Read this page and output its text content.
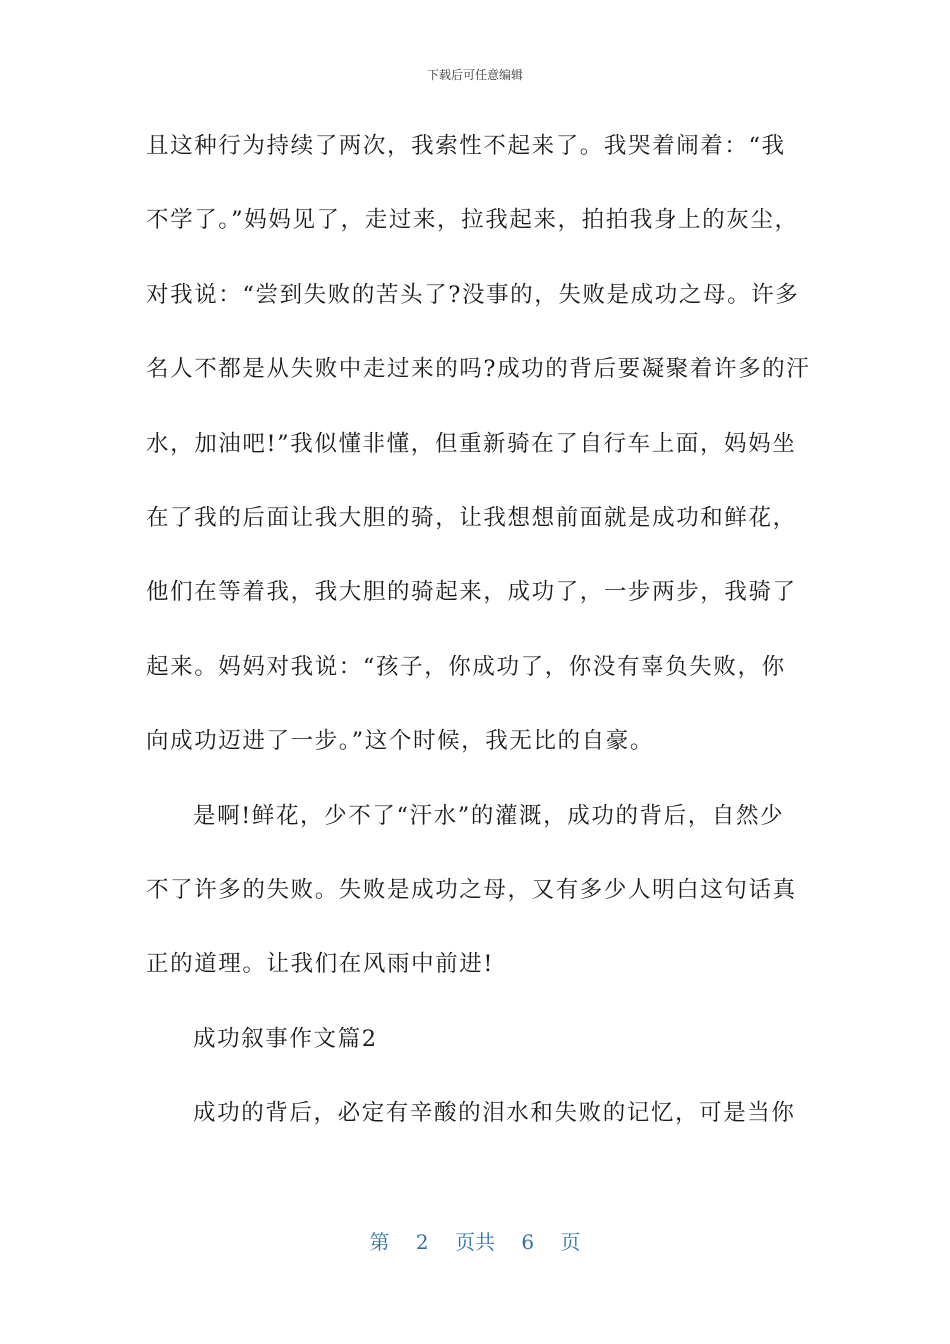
下载后可任意编辑
且这种行为持续了两次，我索性不起来了。我哭着闹着：“我
不学了。”妈妈见了，走过来，拉我起来，拍拍我身上的灰尘，
对我说：“尝到失败的苦头了?没事的，失败是成功之母。许多
名人不都是从失败中走过来的吗?成功的背后要凝聚着许多的汗
水，加油吧!”我似懂非懂，但重新骑在了自行车上面，妈妈坐
在了我的后面让我大胆的骑，让我想想前面就是成功和鲜花，
他们在等着我，我大胆的骑起来，成功了，一步两步，我骑了
起来。妈妈对我说：“孩子，你成功了，你没有辜负失败，你
向成功迈进了一步。”这个时候，我无比的自豪。
是啊!鲜花，少不了“汗水”的灌溉，成功的背后，自然少
不了许多的失败。失败是成功之母，又有多少人明白这句话真
正的道理。让我们在风雨中前进!
成功叙事作文篇2
成功的背后，必定有辛酸的泪水和失败的记忆，可是当你
第 2 页共 6 页
